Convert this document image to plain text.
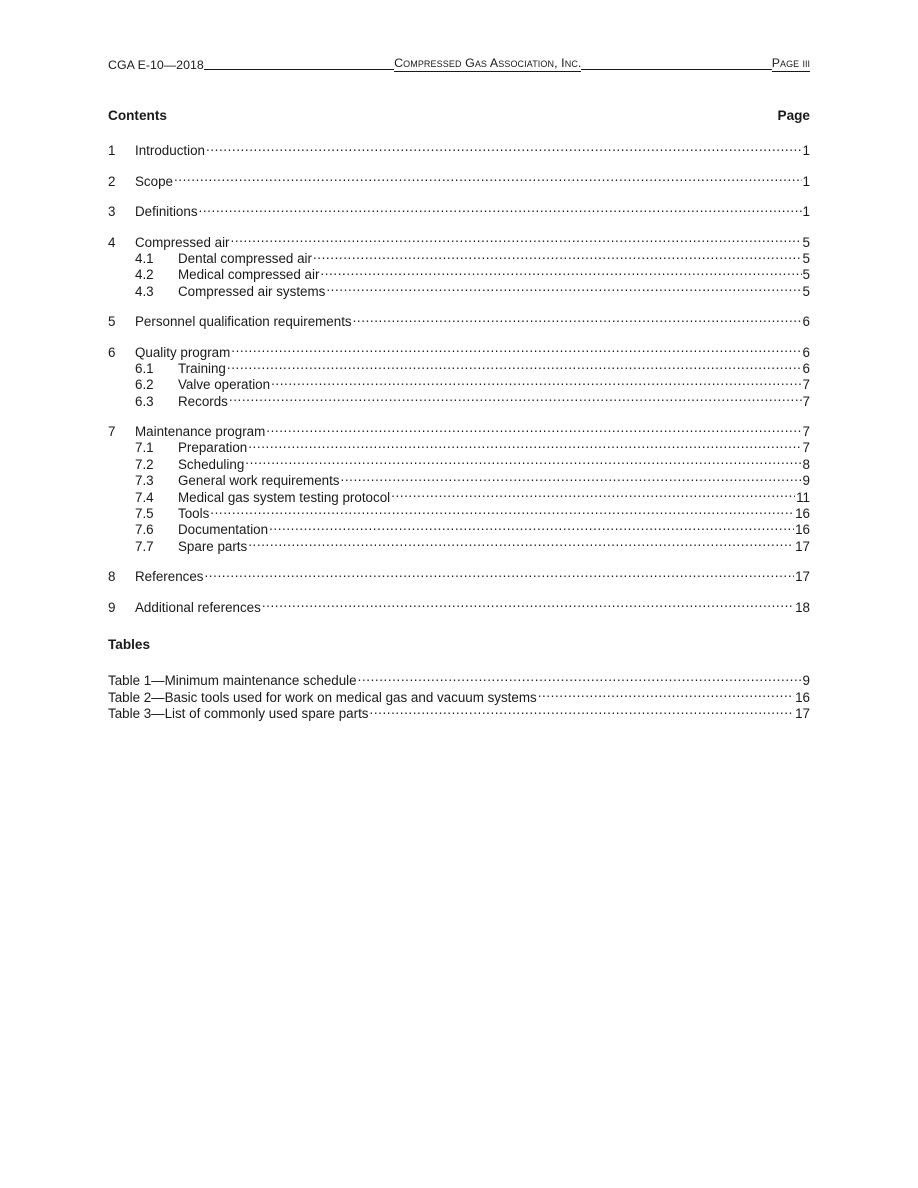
CGA E-10—2018	Compressed Gas Association, Inc.	Page iii
Contents	Page
1	Introduction .....	1
2	Scope .....	1
3	Definitions .....	1
4	Compressed air .....	5
4.1	Dental compressed air .....	5
4.2	Medical compressed air .....	5
4.3	Compressed air systems .....	5
5	Personnel qualification requirements .....	6
6	Quality program .....	6
6.1	Training .....	6
6.2	Valve operation .....	7
6.3	Records .....	7
7	Maintenance program .....	7
7.1	Preparation .....	7
7.2	Scheduling .....	8
7.3	General work requirements .....	9
7.4	Medical gas system testing protocol .....	11
7.5	Tools .....	16
7.6	Documentation .....	16
7.7	Spare parts .....	17
8	References .....	17
9	Additional references .....	18
Tables
Table 1—Minimum maintenance schedule .....	9
Table 2—Basic tools used for work on medical gas and vacuum systems .....	16
Table 3—List of commonly used spare parts .....	17
